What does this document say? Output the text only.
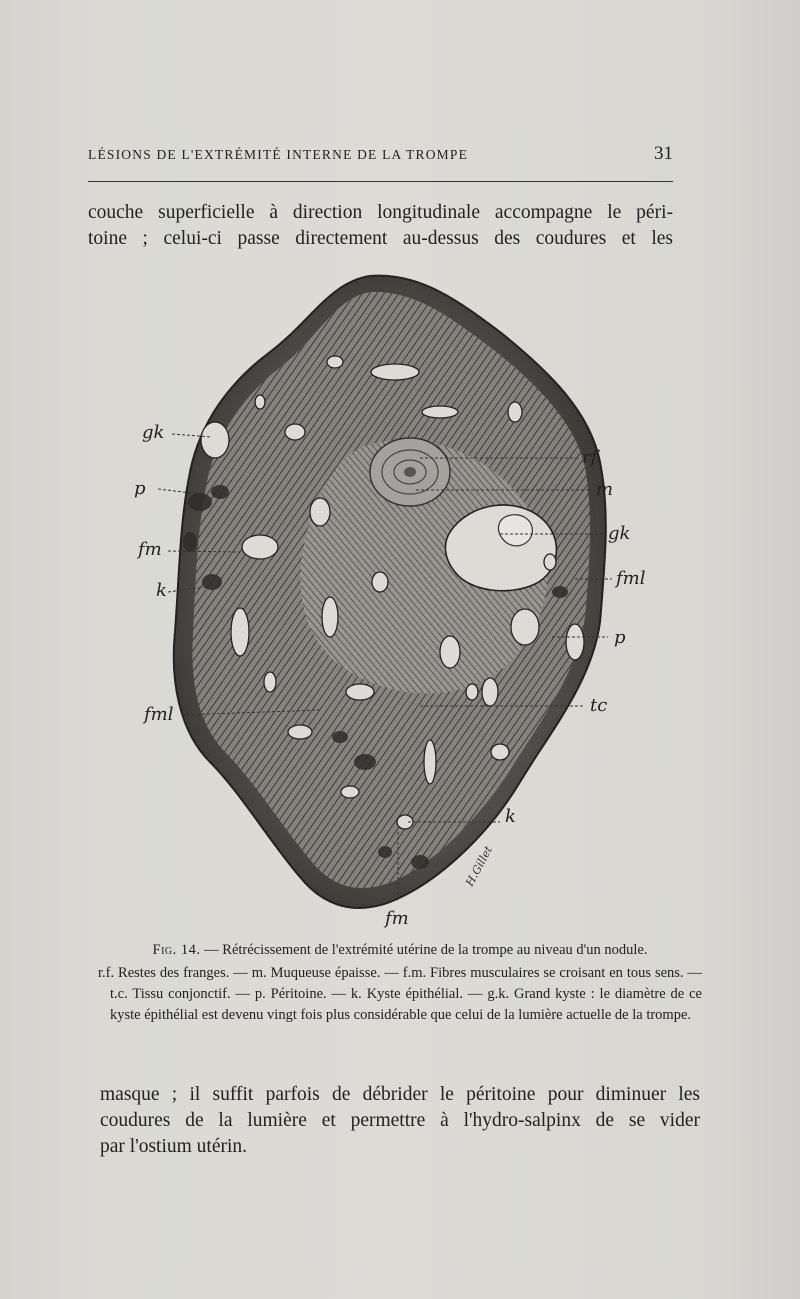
LÉSIONS DE L'EXTRÉMITÉ INTERNE DE LA TROMPE	31
couche superficielle à direction longitudinale accompagne le péri-
toine ; celui-ci passe directement au-dessus des coudures et les
gk
p
fm
k
fml
rf
m
gk
fml
p
tc
k
fm
H.Gillet
Fig. 14. — Rétrécissement de l'extrémité utérine de la trompe au niveau d'un nodule.
r.f. Restes des franges. — m. Muqueuse épaisse. — f.m. Fibres musculaires se croisant en tous sens. — t.c. Tissu conjonctif. — p. Péritoine. — k. Kyste épithélial. — g.k. Grand kyste : le diamètre de ce kyste épithélial est devenu vingt fois plus considérable que celui de la lumière actuelle de la trompe.
masque ; il suffit parfois de débrider le péritoine pour diminuer les
coudures de la lumière et permettre à l'hydro-salpinx de se vider
par l'ostium utérin.
